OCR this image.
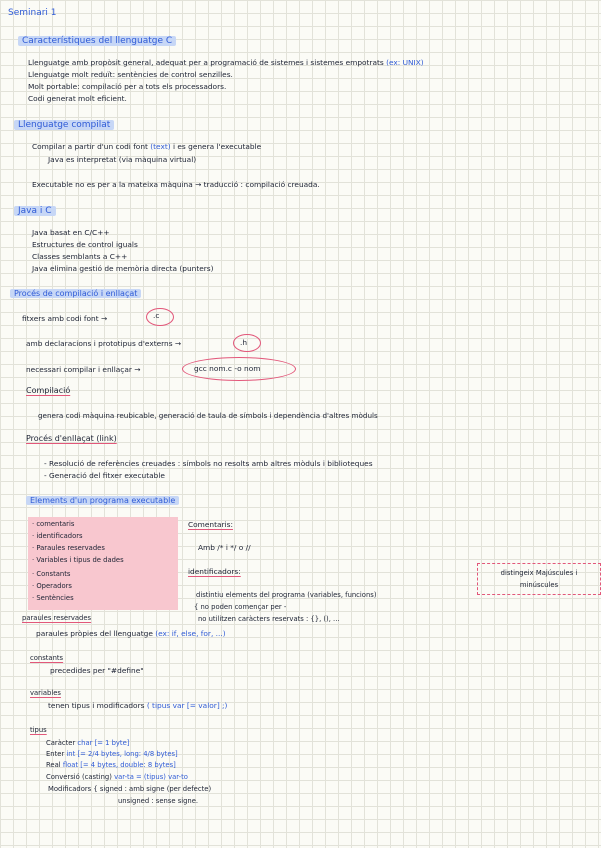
Seminari 1
Característiques del llenguatge C
Llenguatge amb propòsit general, adequat per a programació de sistemes i sistemes empotrats (ex: UNIX)
Llenguatge molt reduït: sentències de control senzilles.
Molt portable: compilació per a tots els processadors.
Codi generat molt eficient.
Llenguatge compilat
Compilar a partir d'un codi font (text) i es genera l'executable
Java es interpretat (via màquina virtual)
Executable no es per a la mateixa màquina → traducció : compilació creuada.
Java i C
Java basat en C/C++
Estructures de control iguals
Classes semblants a C++
Java elimina gestió de memòria directa (punters)
Procés de compilació i enllaçat
fitxers amb codi font →	.c
amb declaracions i prototipus d'externs →	.h
necessari compilar i enllaçar →	gcc nom.c -o nom
Compilació
genera codi màquina reubicable, generació de taula de símbols i dependència d'altres mòduls
Procés d'enllaçat (link)
- Resolució de referències creuades : símbols no resolts amb altres mòduls i biblioteques
- Generació del fitxer executable
Elements d'un programa executable
· comentaris
· identificadors
· Paraules reservades
· Variables i tipus de dades
· Constants
· Operadors
· Sentències
Comentaris:
Amb /* i */ o //
identificadors:
distintiu elements del programa (variables, funcions)
{ no poden començar per -
no utilitzen caràcters reservats : {}, (), ...
distingeix Majúscules i minúscules
paraules reservades
paraules pròpies del llenguatge (ex: if, else, for, ...)
constants
precedides per "#define"
variables
tenen tipus i modificadors ( tipus var [= valor] ;)
tipus
Caràcter char [= 1 byte]
Enter int [= 2/4 bytes, long: 4/8 bytes]
Real float [= 4 bytes, double: 8 bytes]
Conversió (casting) var-ta = (tipus) var-to
Modificadors { signed : amb signe (per defecte)
unsigned : sense signe.
